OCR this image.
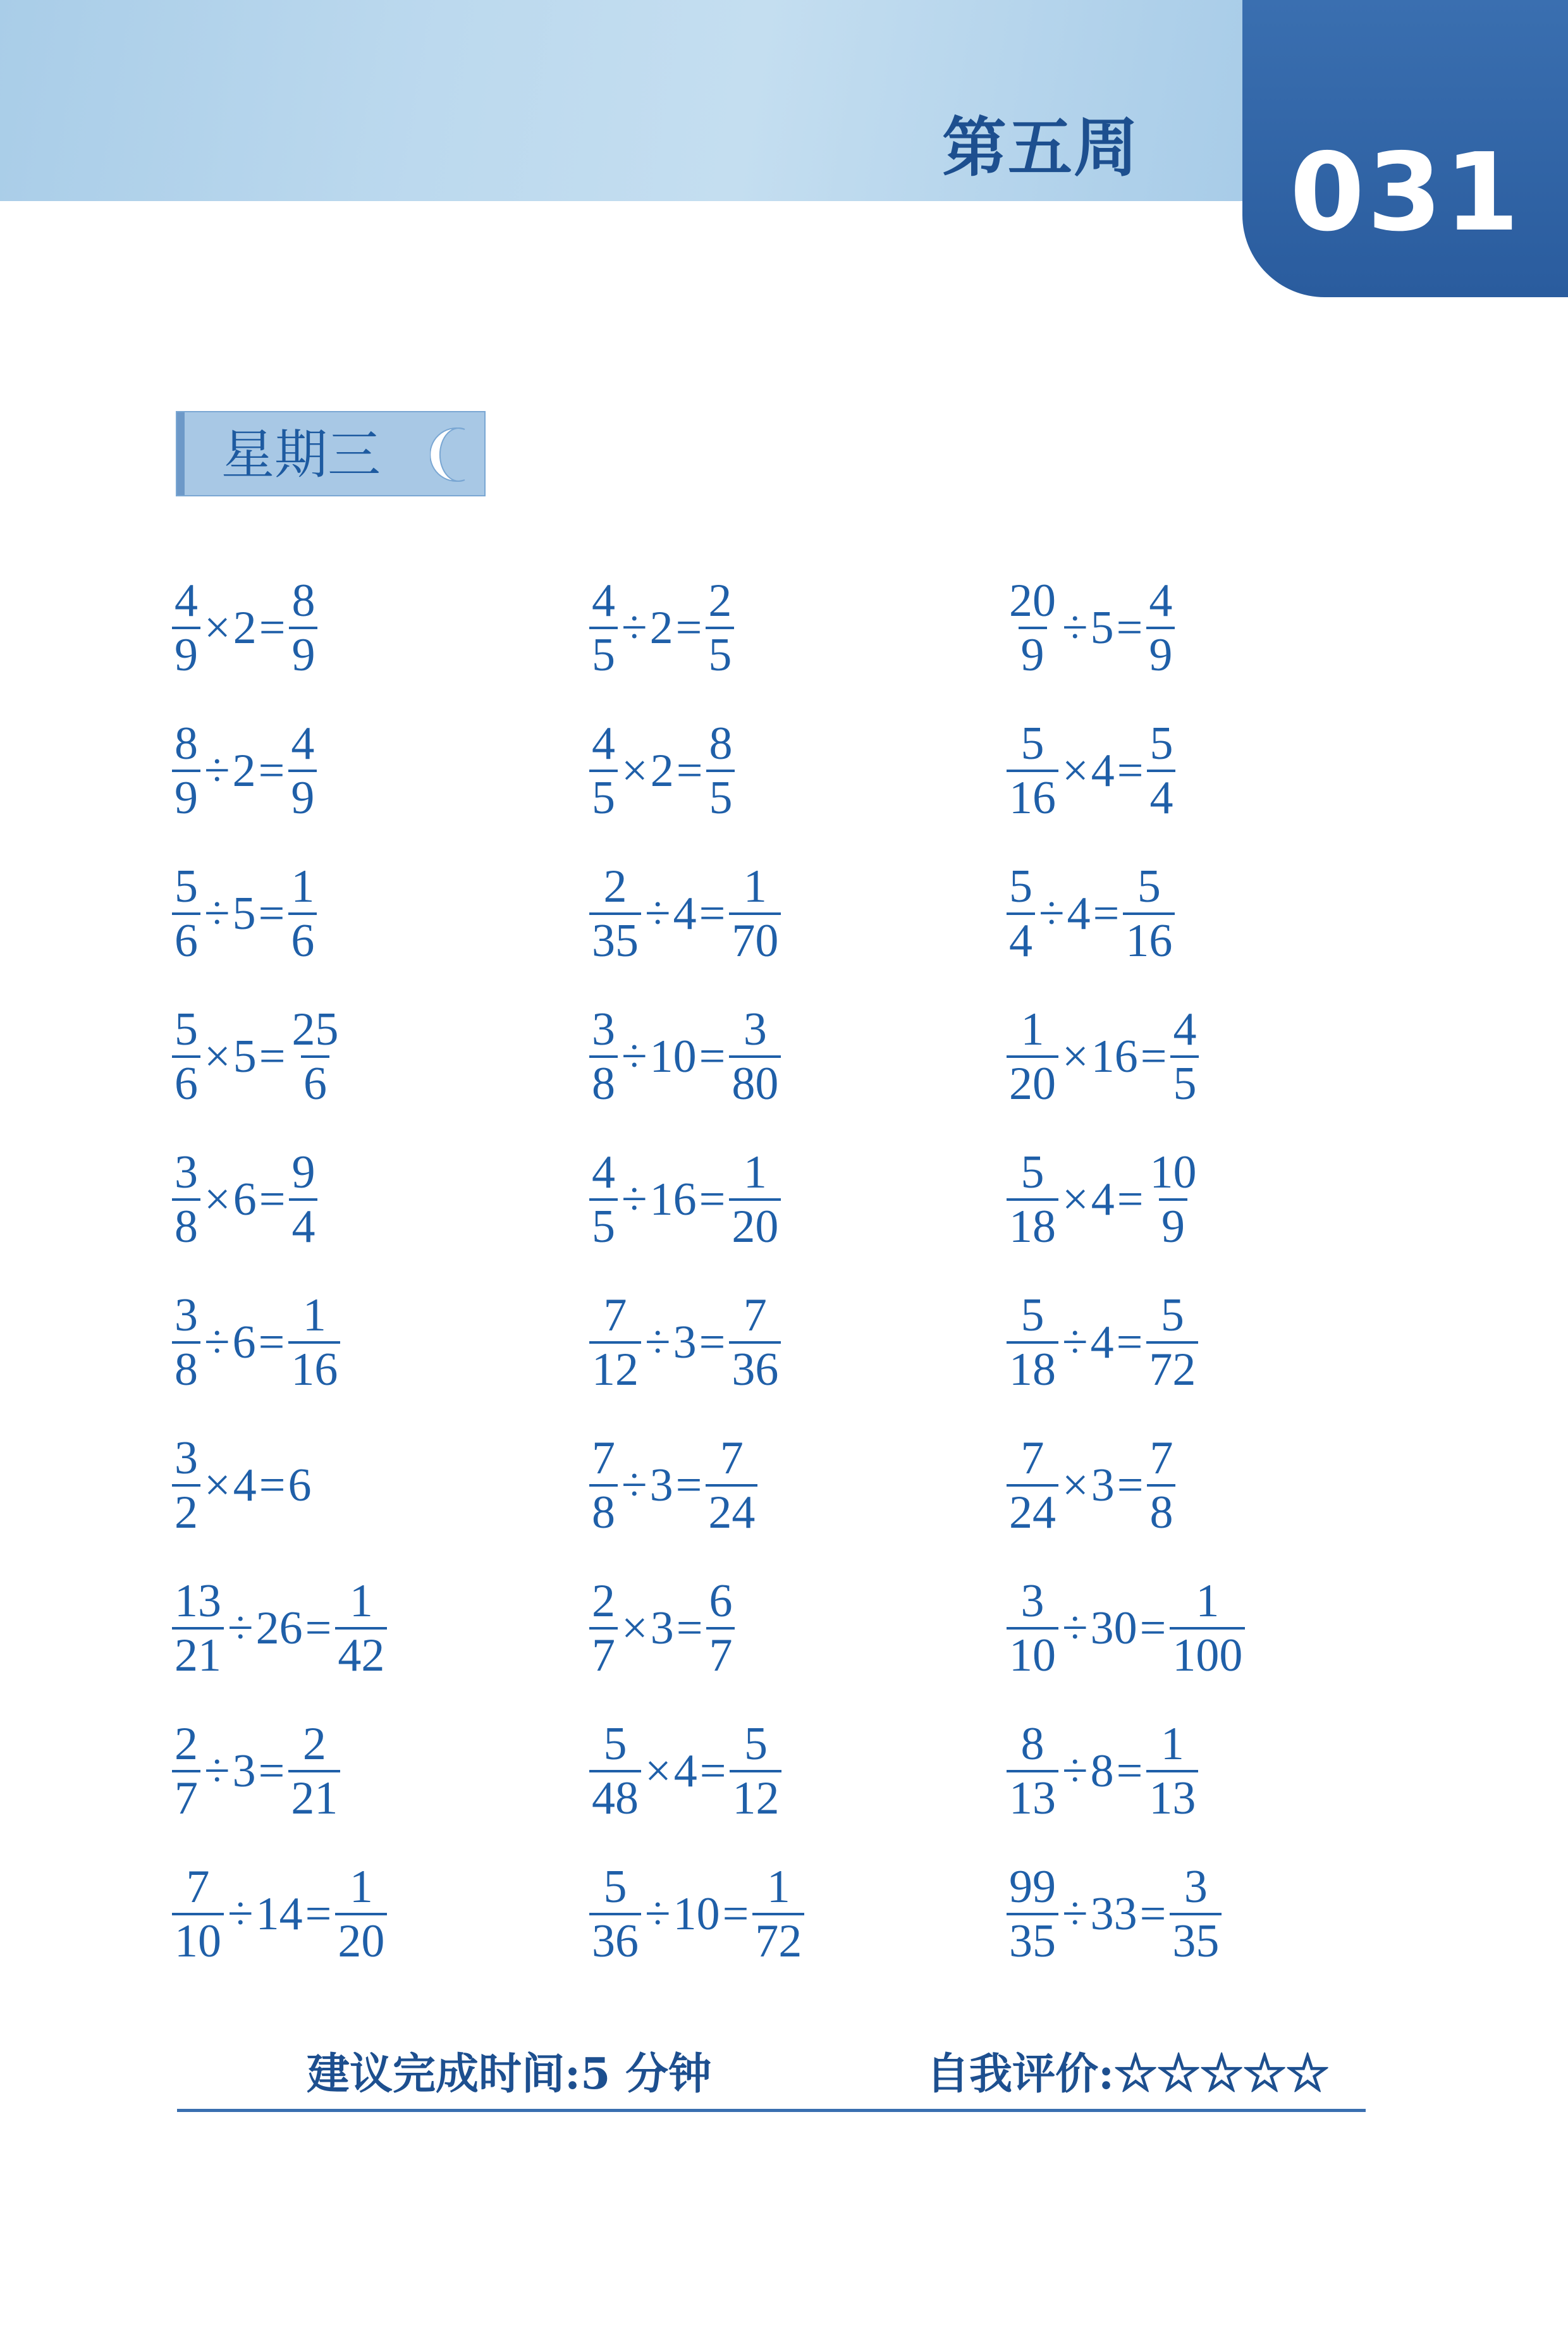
第五周 031
星期三
$\frac{4}{9} \times 2 = \frac{8}{9}$	$\frac{4}{5} \div 2 = \frac{2}{5}$	$\frac{20}{9} \div 5 = \frac{4}{9}$
$\frac{8}{9} \div 2 = \frac{4}{9}$	$\frac{4}{5} \times 2 = \frac{8}{5}$	$\frac{5}{16} \times 4 = \frac{5}{4}$
$\frac{5}{6} \div 5 = \frac{1}{6}$	$\frac{2}{35} \div 4 = \frac{1}{70}$	$\frac{5}{4} \div 4 = \frac{5}{16}$
$\frac{5}{6} \times 5 = \frac{25}{6}$	$\frac{3}{8} \div 10 = \frac{3}{80}$	$\frac{1}{20} \times 16 = \frac{4}{5}$
$\frac{3}{8} \times 6 = \frac{9}{4}$	$\frac{4}{5} \div 16 = \frac{1}{20}$	$\frac{5}{18} \times 4 = \frac{10}{9}$
$\frac{3}{8} \div 6 = \frac{1}{16}$	$\frac{7}{12} \div 3 = \frac{7}{36}$	$\frac{5}{18} \div 4 = \frac{5}{72}$
$\frac{3}{2} \times 4 = 6$	$\frac{7}{8} \div 3 = \frac{7}{24}$	$\frac{7}{24} \times 3 = \frac{7}{8}$
$\frac{13}{21} \div 26 = \frac{1}{42}$	$\frac{2}{7} \times 3 = \frac{6}{7}$	$\frac{3}{10} \div 30 = \frac{1}{100}$
$\frac{2}{7} \div 3 = \frac{2}{21}$	$\frac{5}{48} \times 4 = \frac{5}{12}$	$\frac{8}{13} \div 8 = \frac{1}{13}$
$\frac{7}{10} \div 14 = \frac{1}{20}$	$\frac{5}{36} \div 10 = \frac{1}{72}$	$\frac{99}{35} \div 33 = \frac{3}{35}$
建议完成时间:5 分钟	自我评价:☆☆☆☆☆
